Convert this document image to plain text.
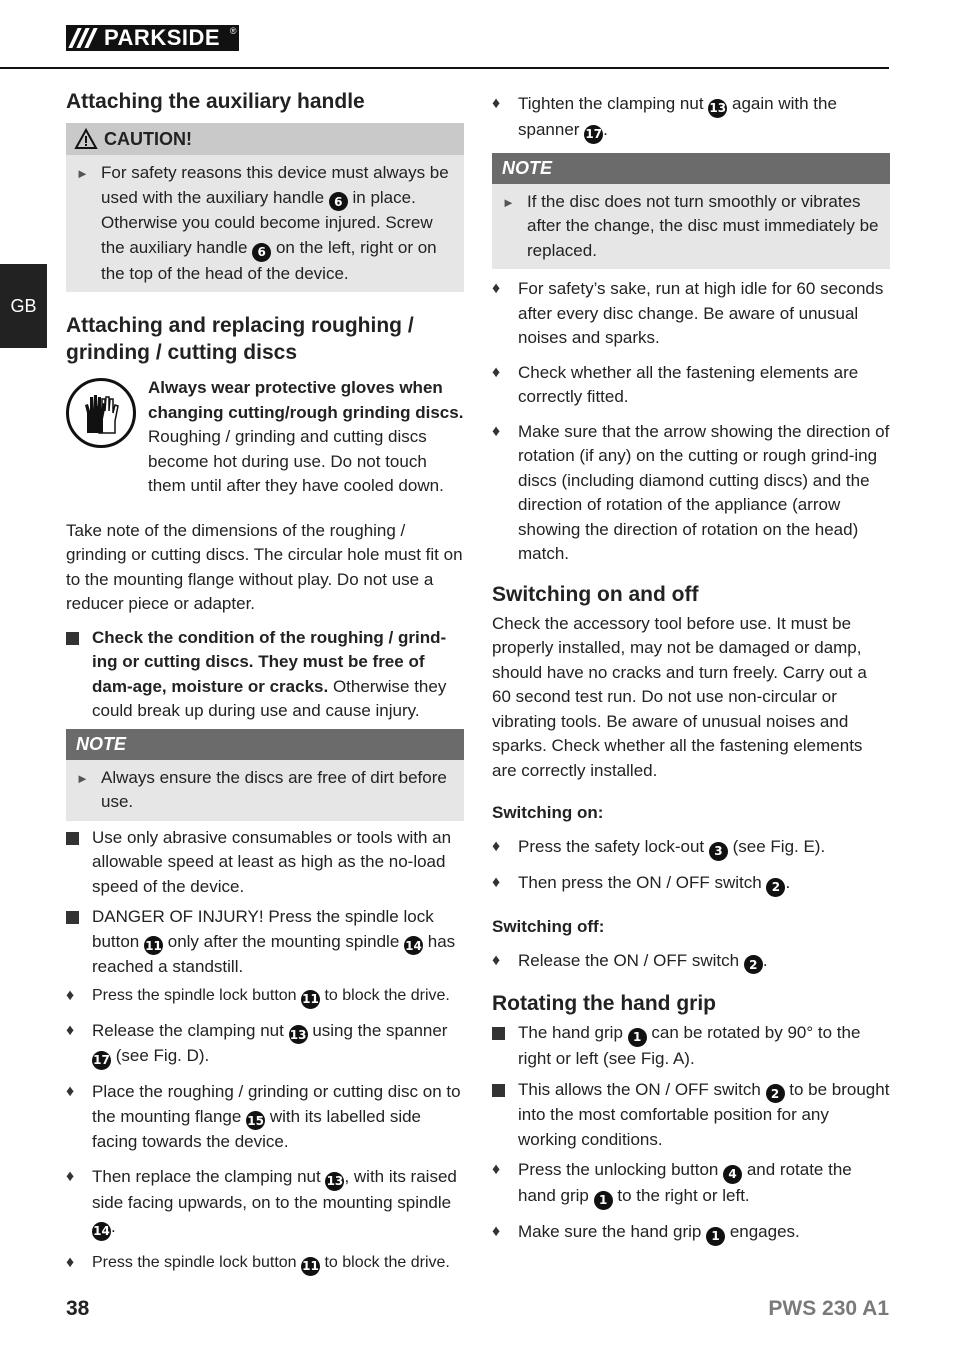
PARKSIDE ®
GB
Attaching the auxiliary handle
CAUTION!
► For safety reasons this device must always be used with the auxiliary handle 6 in place. Otherwise you could become injured. Screw the auxiliary handle 6 on the left, right or on the top of the head of the device.

Attaching and replacing roughing / grinding / cutting discs

Always wear protective gloves when changing cutting/rough grinding discs. Roughing / grinding and cutting discs become hot during use. Do not touch them until after they have cooled down.

Take note of the dimensions of the roughing / grinding or cutting discs. The circular hole must fit on to the mounting flange without play. Do not use a reducer piece or adapter.

Check the condition of the roughing / grind-ing or cutting discs. They must be free of dam-age, moisture or cracks. Otherwise they could break up during use and cause injury.

NOTE
► Always ensure the discs are free of dirt before use.

Use only abrasive consumables or tools with an allowable speed at least as high as the no-load speed of the device.

DANGER OF INJURY! Press the spindle lock button 11 only after the mounting spindle 14 has reached a standstill.

♦	Press the spindle lock button 11 to block the drive.

♦	Release the clamping nut 13 using the spanner 17 (see Fig. D).

♦	Place the roughing / grinding or cutting disc on to the mounting flange 15 with its labelled side facing towards the device.

♦	Then replace the clamping nut 13, with its raised side facing upwards, on to the mounting spindle 14.

♦	Press the spindle lock button 11 to block the drive.

♦	Tighten the clamping nut 13 again with the spanner 17.

NOTE
► If the disc does not turn smoothly or vibrates after the change, the disc must immediately be replaced.

♦	For safety’s sake, run at high idle for 60 seconds after every disc change. Be aware of unusual noises and sparks.

♦	Check whether all the fastening elements are correctly fitted.

♦	Make sure that the arrow showing the direction of rotation (if any) on the cutting or rough grind-ing discs (including diamond cutting discs) and the direction of rotation of the appliance (arrow showing the direction of rotation on the head) match.

Switching on and off

Check the accessory tool before use. It must be properly installed, may not be damaged or damp, should have no cracks and turn freely. Carry out a 60 second test run. Do not use non-circular or vibrating tools. Be aware of unusual noises and sparks. Check whether all the fastening elements are correctly installed.

Switching on:

♦	Press the safety lock-out 3 (see Fig. E).

♦	Then press the ON / OFF switch 2 .

Switching off:

♦	Release the ON / OFF switch 2 .

Rotating the hand grip

The hand grip 1 can be rotated by 90° to the right or left (see Fig. A).

This allows the ON / OFF switch 2 to be brought into the most comfortable position for any working conditions.

♦	Press the unlocking button 4 and rotate the hand grip 1 to the right or left.

♦	Make sure the hand grip 1 engages.

38	PWS 230 A1
